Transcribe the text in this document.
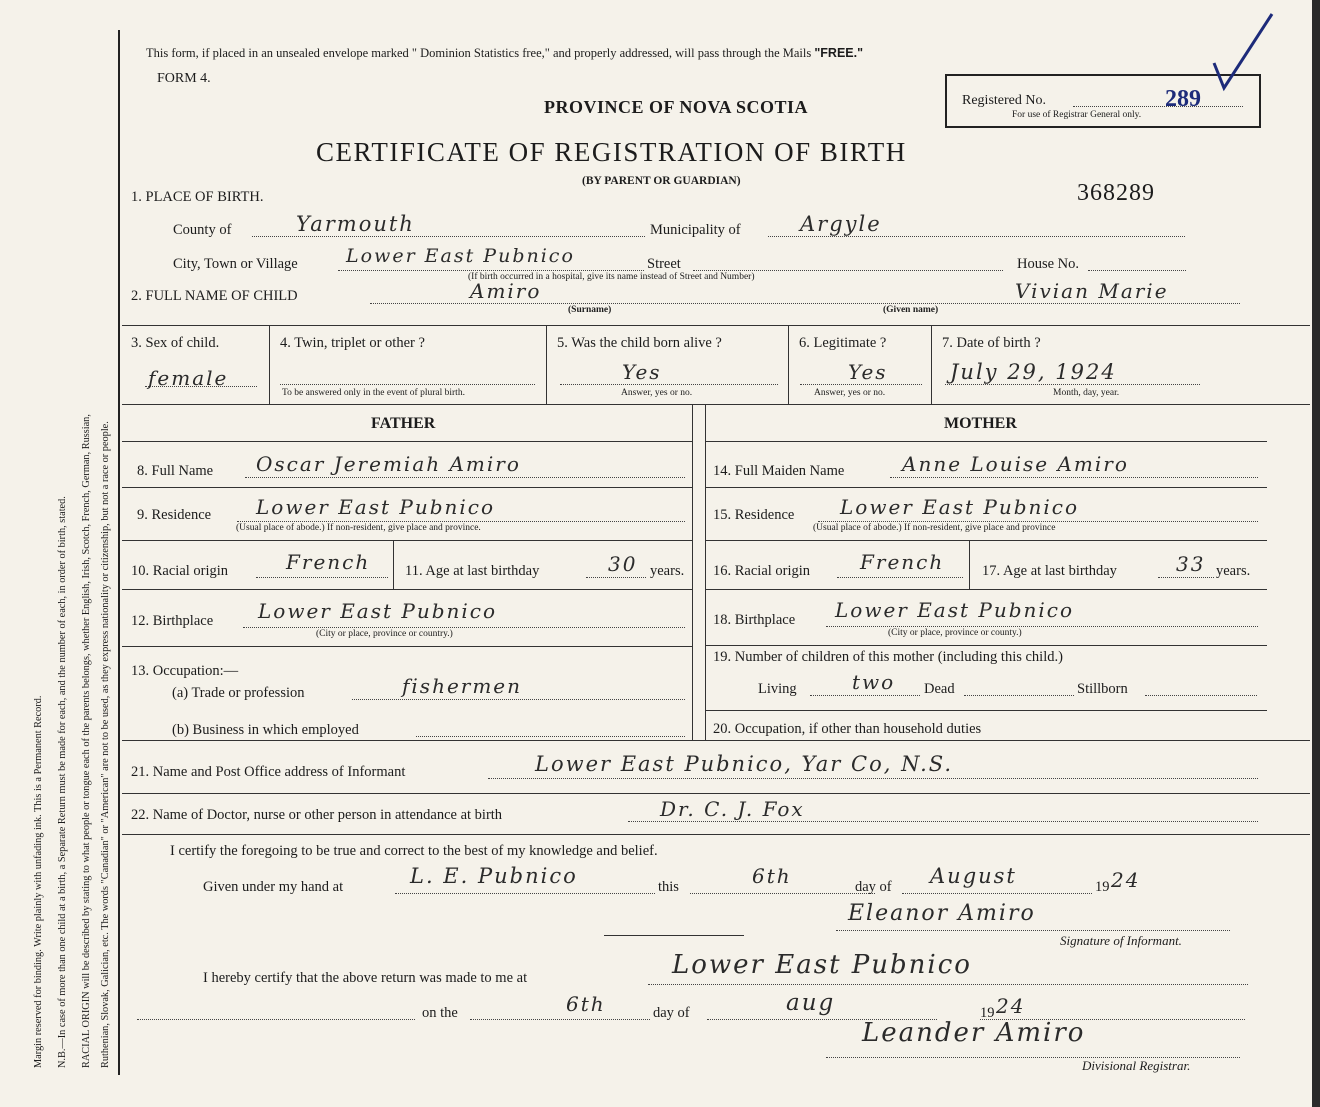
Margin reserved for binding. Write plainly with unfading ink. This is a Permanent Record. N.B.—In case of more than one child at a birth, a Separate Return must be made for each, and the number of each, in order of birth, stated. RACIAL ORIGIN will be described by stating to what people or tongue each of the parents belongs, whether English, Irish, Scotch, French, German, Russian, Ruthenian, Slovak, Galician, etc. The words "Canadian" or "American" are not to be used, as they express nationality or citizenship, but not a race or people.
This form, if placed in an unsealed envelope marked " Dominion Statistics free," and properly addressed, will pass through the Mails "FREE."
FORM 4.
PROVINCE OF NOVA SCOTIA
CERTIFICATE OF REGISTRATION OF BIRTH
(BY PARENT OR GUARDIAN)	368289
Registered No.	289
For use of Registrar General only.
1. PLACE OF BIRTH.
County of	Yarmouth	Municipality of	Argyle
City, Town or Village	Lower East Pubnico	Street	House No.
(If birth occurred in a hospital, give its name instead of Street and Number)
2. FULL NAME OF CHILD	Amiro	Vivian Marie
(Surname)	(Given name)
3. Sex of child.
female
4. Twin, triplet or other ?
To be answered only in the event of plural birth.
5. Was the child born alive ?
Yes
Answer, yes or no.
6. Legitimate ?
Yes
Answer, yes or no.
7. Date of birth ?
July 29, 1924
Month, day, year.
FATHER	MOTHER
8. Full Name Oscar Jeremiah Amiro
9. Residence Lower East Pubnico
(Usual place of abode.) If non-resident, give place and province.
10. Racial origin	French 11. Age at last birthday	30 years.
12. Birthplace Lower East Pubnico
(City or place, province or country.)
13. Occupation:—
(a) Trade or profession	fishermen
(b) Business in which employed
14. Full Maiden Name	Anne Louise Amiro
15. Residence Lower East Pubnico
(Usual place of abode.) If non-resident, give place and province
16. Racial origin French	17. Age at last birthday	33 years.
18. Birthplace Lower East Pubnico
(City or place, province or county.)
19. Number of children of this mother (including this child.)
Living	two Dead	Stillborn
20. Occupation, if other than household duties
21. Name and Post Office address of Informant	Lower East Pubnico, Yar Co, N.S.
22. Name of Doctor, nurse or other person in attendance at birth	Dr. C. J. Fox
I certify the foregoing to be true and correct to the best of my knowledge and belief.
Given under my hand at	L. E. Pubnico	this	6th	day of August	19 24
Eleanor Amiro
Signature of Informant.
I hereby certify that the above return was made to me at	Lower East Pubnico
on the	6th	day of	aug	19 24
Leander Amiro
Divisional Registrar.
